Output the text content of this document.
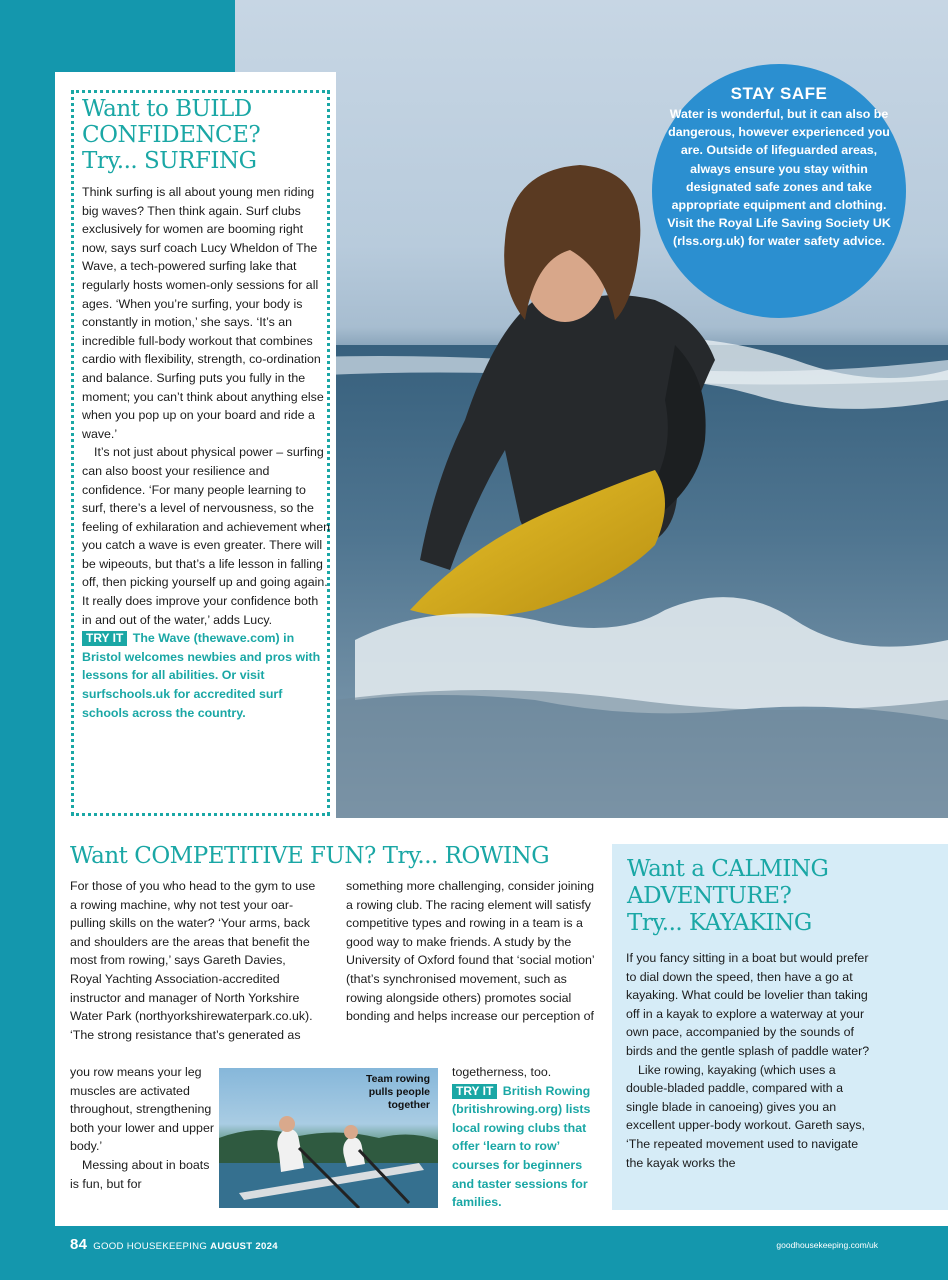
STAY SAFE
Water is wonderful, but it can also be dangerous, however experienced you are. Outside of lifeguarded areas, always ensure you stay within designated safe zones and take appropriate equipment and clothing. Visit the Royal Life Saving Society UK (rlss.org.uk) for water safety advice.
Want to BUILD
CONFIDENCE?
Try... SURFING
Think surfing is all about young men riding big waves? Then think again. Surf clubs exclusively for women are booming right now, says surf coach Lucy Wheldon of The Wave, a tech-powered surfing lake that regularly hosts women-only sessions for all ages. ‘When you’re surfing, your body is constantly in motion,’ she says. ‘It’s an incredible full-body workout that combines cardio with flexibility, strength, co-ordination and balance. Surfing puts you fully in the moment; you can’t think about anything else when you pop up on your board and ride a wave.’
It’s not just about physical power – surfing can also boost your resilience and confidence. ‘For many people learning to surf, there’s a level of nervousness, so the feeling of exhilaration and achievement when you catch a wave is even greater. There will be wipeouts, but that’s a life lesson in falling off, then picking yourself up and going again. It really does improve your confidence both in and out of the water,’ adds Lucy.
TRY IT The Wave (thewave.com) in Bristol welcomes newbies and pros with lessons for all abilities. Or visit surfschools.uk for accredited surf schools across the country.
Want COMPETITIVE FUN? Try... ROWING
For those of you who head to the gym to use a rowing machine, why not test your oar-pulling skills on the water? ‘Your arms, back and shoulders are the areas that benefit the most from rowing,’ says Gareth Davies, Royal Yachting Association-accredited instructor and manager of North Yorkshire Water Park (northyorkshirewaterpark.co.uk). ‘The strong resistance that’s generated as
you row means your leg muscles are activated throughout, strengthening both your lower and upper body.’
Messing about in boats is fun, but for
something more challenging, consider joining a rowing club. The racing element will satisfy competitive types and rowing in a team is a good way to make friends. A study by the University of Oxford found that ‘social motion’ (that’s synchronised movement, such as rowing alongside others) promotes social bonding and helps increase our perception of
togetherness, too.
TRY IT British Rowing (britishrowing.org) lists local rowing clubs that offer ‘learn to row’ courses for beginners and taster sessions for families.
Team rowing
pulls people
together
Want a CALMING
ADVENTURE?
Try... KAYAKING
If you fancy sitting in a boat but would prefer to dial down the speed, then have a go at kayaking. What could be lovelier than taking off in a kayak to explore a waterway at your own pace, accompanied by the sounds of birds and the gentle splash of paddle water?
Like rowing, kayaking (which uses a double-bladed paddle, compared with a single blade in canoeing) gives you an excellent upper-body workout. Gareth says, ‘The repeated movement used to navigate the kayak works the
84 GOOD HOUSEKEEPING AUGUST 2024	goodhousekeeping.com/uk
